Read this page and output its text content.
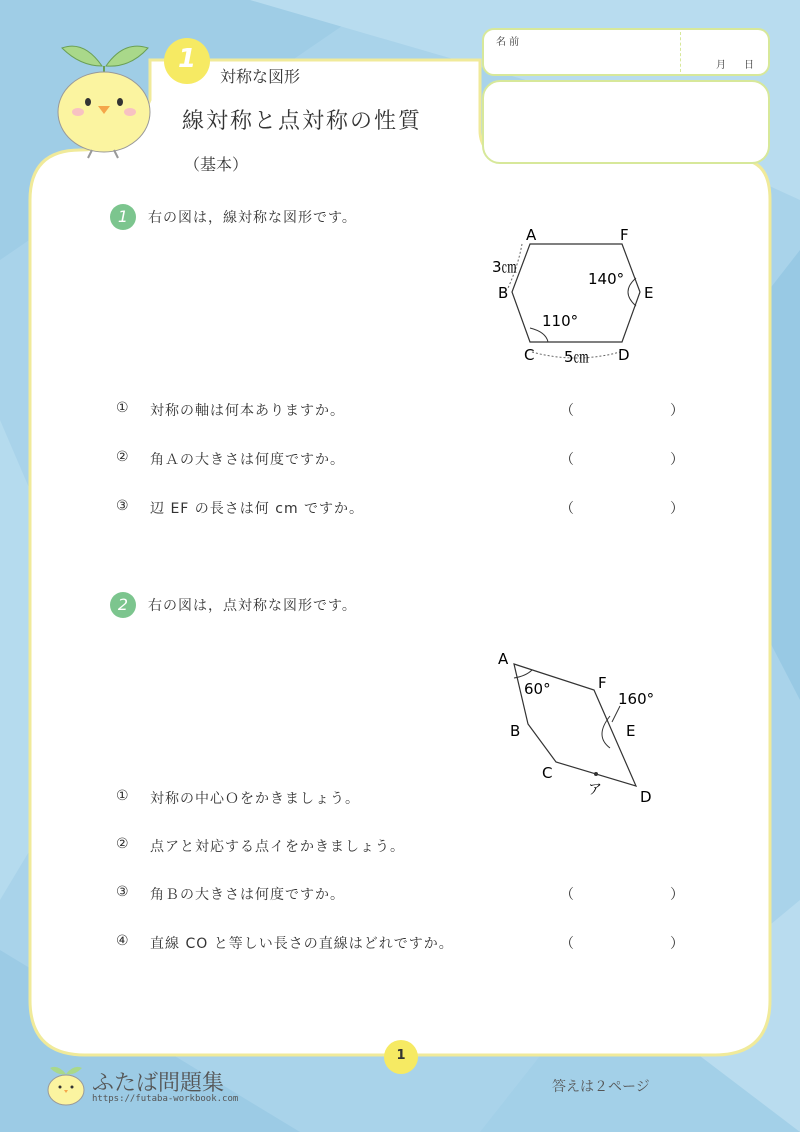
名 前
月 日
1
対称な図形
線対称と点対称の性質
（基本）
1	右の図は，線対称な図形です。
A	F
E
B
C	D
3㎝
5㎝
140°
110°
① 対称の軸は何本ありますか。	（	）
② 角Ａの大きさは何度ですか。	（	）
③ 辺 EF の長さは何 cm ですか。	（	）
2	右の図は，点対称な図形です。
A
F
E
B
C
D
ア
60°
160°
① 対称の中心Ｏをかきましょう。
② 点アと対応する点イをかきましょう。
③ 角Ｂの大きさは何度ですか。	（	）
④ 直線 CO と等しい長さの直線はどれですか。	（	）
1
ふたば問題集
https://futaba-workbook.com
答えは２ページ
